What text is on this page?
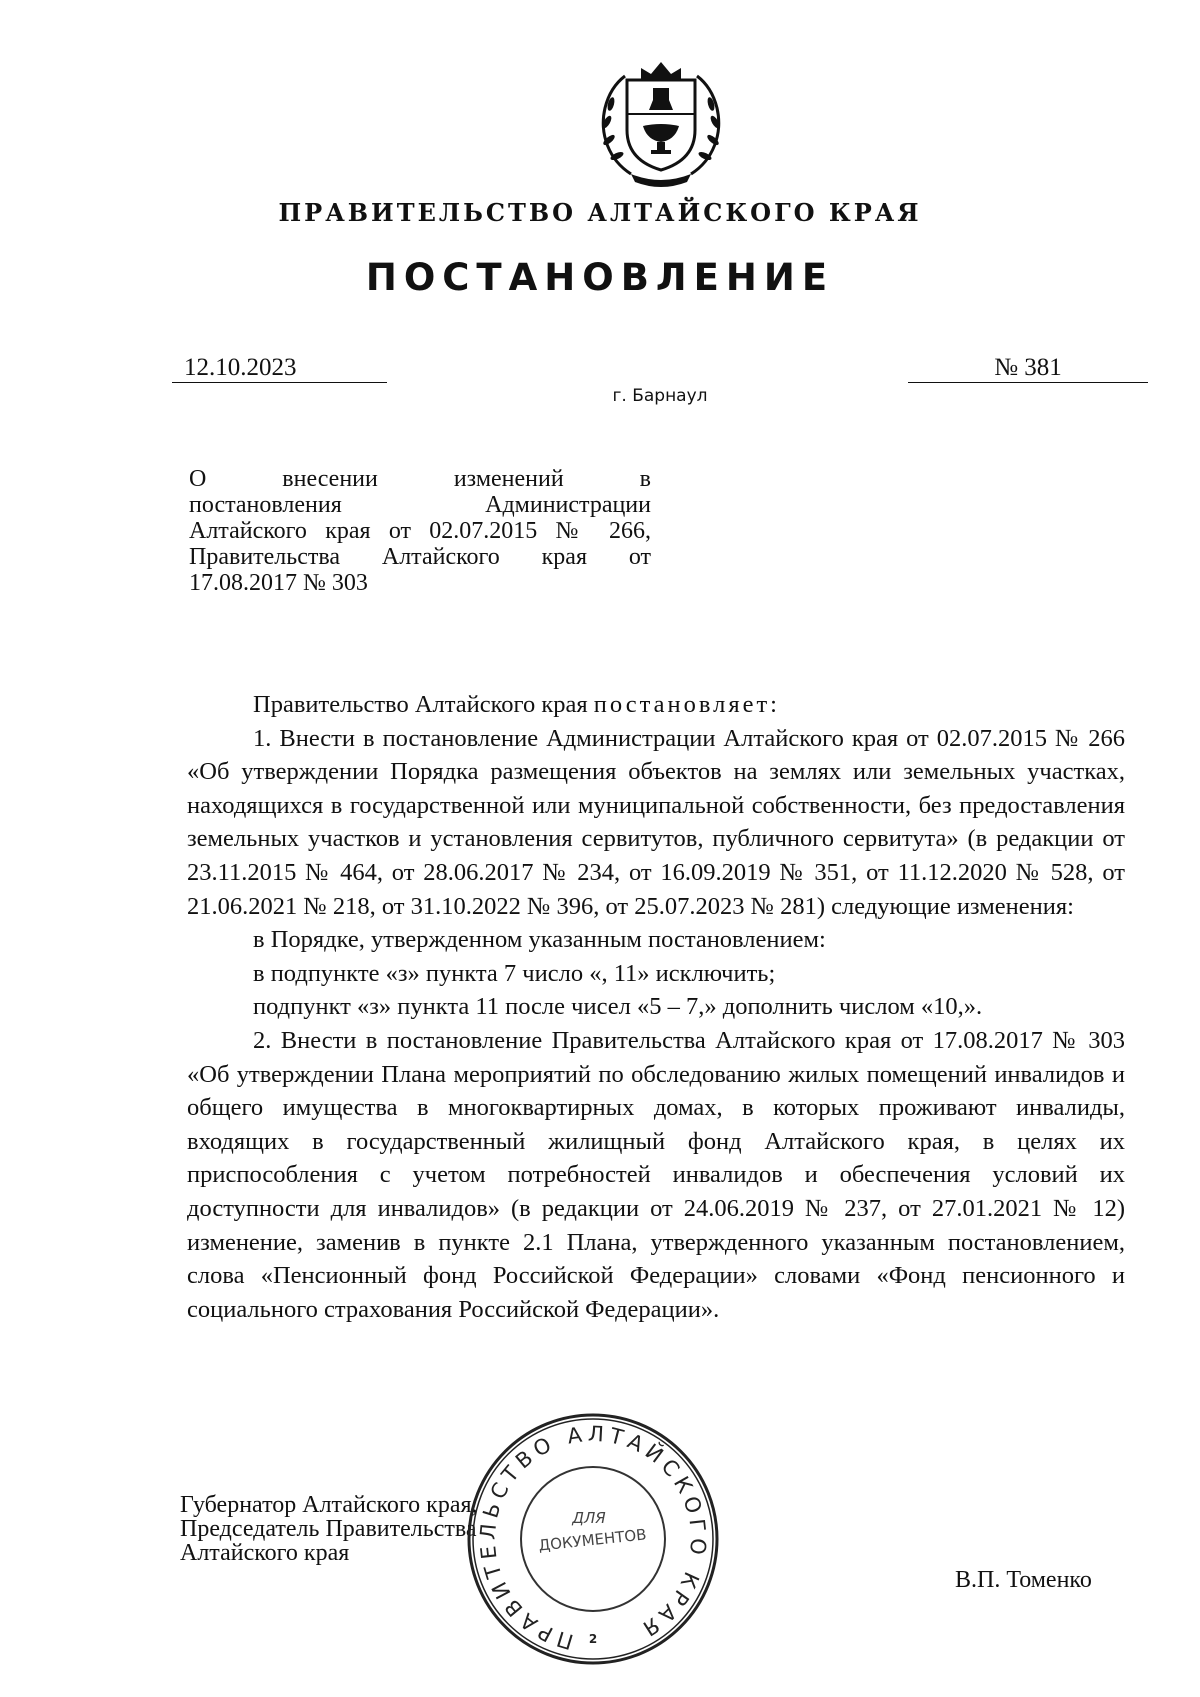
ПРАВИТЕЛЬСТВО АЛТАЙСКОГО КРАЯ
ПОСТАНОВЛЕНИЕ
12.10.2023	№ 381
г. Барнаул
О внесении изменений в
постановления Администрации
Алтайского края от 02.07.2015 № 266,
Правительства Алтайского края от
17.08.2017 № 303

Правительство Алтайского края постановляет:

1. Внести в постановление Администрации Алтайского края от 02.07.2015 № 266 «Об утверждении Порядка размещения объектов на землях или земельных участках, находящихся в государственной или муниципальной собственности, без предоставления земельных участков и установления сервитутов, публичного сервитута» (в редакции от 23.11.2015 № 464, от 28.06.2017 № 234, от 16.09.2019 № 351, от 11.12.2020 № 528, от 21.06.2021 № 218, от 31.10.2022 № 396, от 25.07.2023 № 281) следующие изменения:

в Порядке, утвержденном указанным постановлением:

в подпункте «з» пункта 7 число «, 11» исключить;

подпункт «з» пункта 11 после чисел «5 – 7,» дополнить числом «10,».

2. Внести в постановление Правительства Алтайского края от 17.08.2017 № 303 «Об утверждении Плана мероприятий по обследованию жилых помещений инвалидов и общего имущества в многоквартирных домах, в которых проживают инвалиды, входящих в государственный жилищный фонд Алтайского края, в целях их приспособления с учетом потребностей инвалидов и обеспечения условий их доступности для инвалидов» (в редакции от 24.06.2019 № 237, от 27.01.2021 № 12) изменение, заменив в пункте 2.1 Плана, утвержденного указанным постановлением, слова «Пенсионный фонд Российской Федерации» словами «Фонд пенсионного и социального страхования Российской Федерации».

Губернатор Алтайского края,
Председатель Правительства
Алтайского края
В.П. Томенко
ПРАВИТЕЛЬСТВО АЛТАЙСКОГО КРАЯ
ДЛЯ
ДОКУМЕНТОВ
2
